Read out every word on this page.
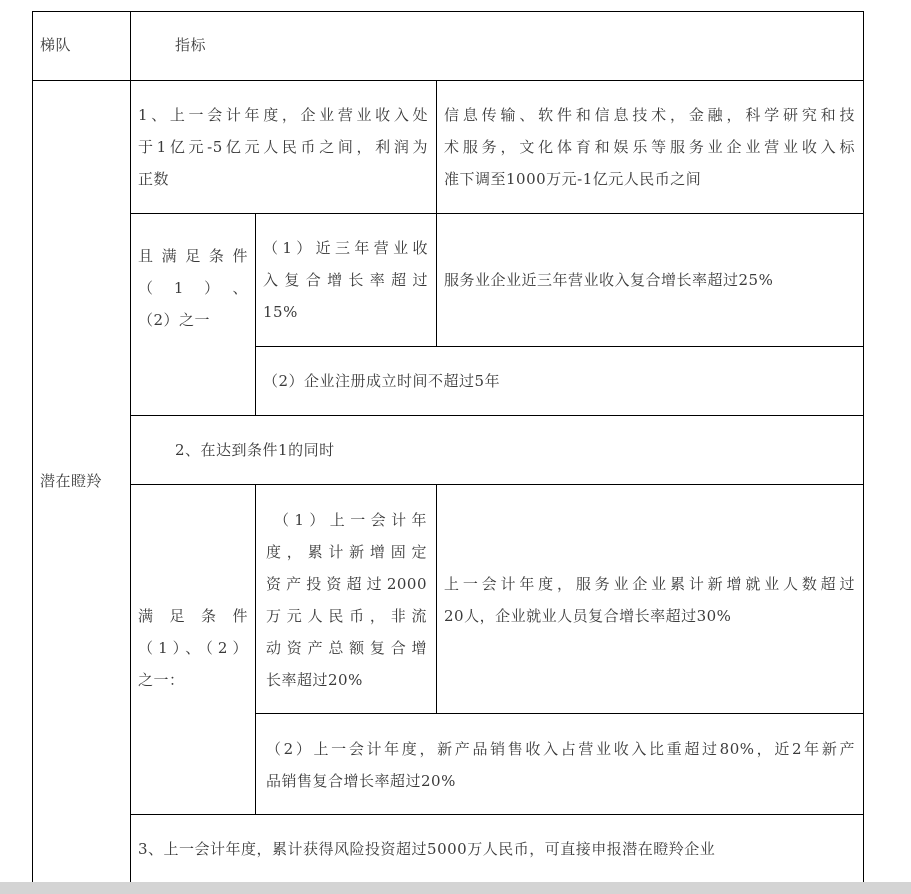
梯队	指标
潜在瞪羚
1、上一会计年度，企业营业收入处
于1亿元-5亿元人民币之间，利润为
正数
信息传输、软件和信息技术，金融，科学研究和技
术服务，文化体育和娱乐等服务业企业营业收入标
准下调至1000万元-1亿元人民币之间
且满足条件
（1）、
（2）之一
（1）近三年营业收
入复合增长率超过
15%
服务业企业近三年营业收入复合增长率超过25%
（2）企业注册成立时间不超过5年
2、在达到条件1的同时
满 足 条 件
（1）、（2）
之一：
（1）上一会计年
度，累计新增固定
资产投资超过2000
万元人民币，非流
动资产总额复合增
长率超过20%
上一会计年度，服务业企业累计新增就业人数超过
20人，企业就业人员复合增长率超过30%
（2）上一会计年度，新产品销售收入占营业收入比重超过80%，近2年新产
品销售复合增长率超过20%
3、上一会计年度，累计获得风险投资超过5000万人民币，可直接申报潜在瞪羚企业
